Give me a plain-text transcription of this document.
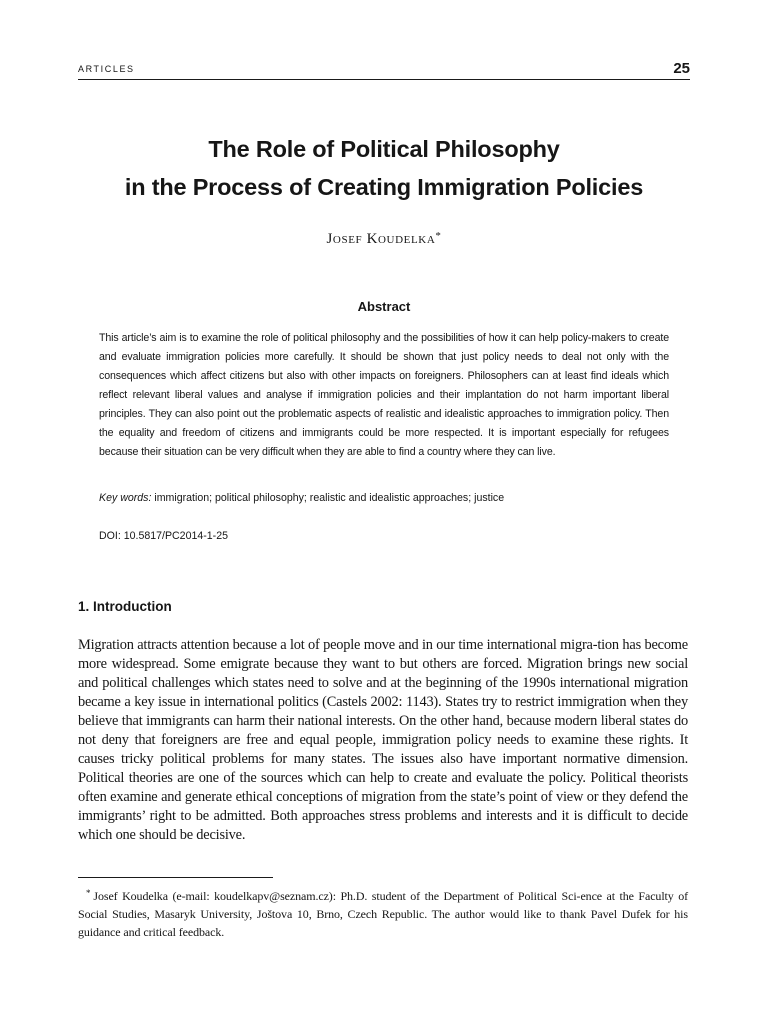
ARTICLES	25
The Role of Political Philosophy
in the Process of Creating Immigration Policies
Josef Koudelka*
Abstract
This article’s aim is to examine the role of political philosophy and the possibilities of how it can help policy-makers to create and evaluate immigration policies more carefully. It should be shown that just policy needs to deal not only with the consequences which affect citizens but also with other impacts on foreigners. Philosophers can at least find ideals which reflect relevant liberal values and analyse if immigration policies and their implantation do not harm important liberal principles. They can also point out the problematic aspects of realistic and idealistic approaches to immigration policy. Then the equality and freedom of citizens and immigrants could be more respected. It is important especially for refugees because their situation can be very difficult when they are able to find a country where they can live.
Key words: immigration; political philosophy; realistic and idealistic approaches; justice
DOI: 10.5817/PC2014-1-25
1. Introduction
Migration attracts attention because a lot of people move and in our time international migra-tion has become more widespread. Some emigrate because they want to but others are forced. Migration brings new social and political challenges which states need to solve and at the beginning of the 1990s international migration became a key issue in international politics (Castels 2002: 1143). States try to restrict immigration when they believe that immigrants can harm their national interests. On the other hand, because modern liberal states do not deny that foreigners are free and equal people, immigration policy needs to examine these rights. It causes tricky political problems for many states. The issues also have important normative dimension. Political theories are one of the sources which can help to create and evaluate the policy. Political theorists often examine and generate ethical conceptions of migration from the state’s point of view or they defend the immigrants’ right to be admitted. Both approaches stress problems and interests and it is difficult to decide which one should be decisive.
* Josef Koudelka (e-mail: koudelkapv@seznam.cz): Ph.D. student of the Department of Political Sci-ence at the Faculty of Social Studies, Masaryk University, Joštova 10, Brno, Czech Republic. The author would like to thank Pavel Dufek for his guidance and critical feedback.
